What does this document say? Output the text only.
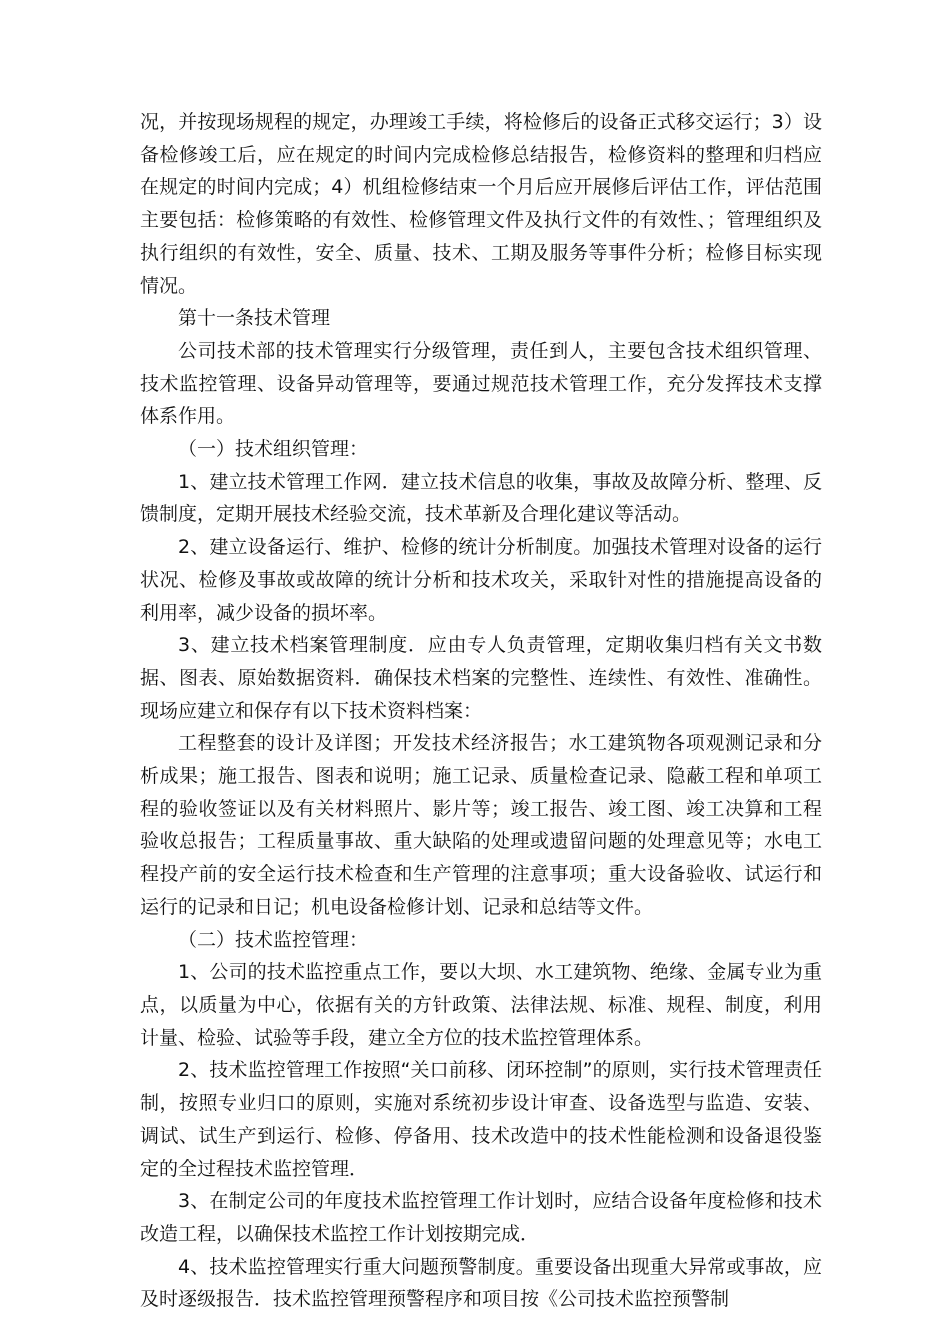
况，并按现场规程的规定，办理竣工手续，将检修后的设备正式移交运行；3）设备检修竣工后，应在规定的时间内完成检修总结报告，检修资料的整理和归档应在规定的时间内完成；4）机组检修结束一个月后应开展修后评估工作，评估范围主要包括：检修策略的有效性、检修管理文件及执行文件的有效性、；管理组织及执行组织的有效性，安全、质量、技术、工期及服务等事件分析；检修目标实现情况。

第十一条技术管理

公司技术部的技术管理实行分级管理，责任到人，主要包含技术组织管理、技术监控管理、设备异动管理等，要通过规范技术管理工作，充分发挥技术支撑体系作用。

（一）技术组织管理：

1、建立技术管理工作网．建立技术信息的收集，事故及故障分析、整理、反馈制度，定期开展技术经验交流，技术革新及合理化建议等活动。

2、建立设备运行、维护、检修的统计分析制度。加强技术管理对设备的运行状况、检修及事故或故障的统计分析和技术攻关，采取针对性的措施提高设备的利用率，减少设备的损坏率。

3、建立技术档案管理制度．应由专人负责管理，定期收集归档有关文书数据、图表、原始数据资料．确保技术档案的完整性、连续性、有效性、准确性。现场应建立和保存有以下技术资料档案：

工程整套的设计及详图；开发技术经济报告；水工建筑物各项观测记录和分析成果；施工报告、图表和说明；施工记录、质量检查记录、隐蔽工程和单项工程的验收签证以及有关材料照片、影片等；竣工报告、竣工图、竣工决算和工程验收总报告；工程质量事故、重大缺陷的处理或遗留问题的处理意见等；水电工程投产前的安全运行技术检查和生产管理的注意事项；重大设备验收、试运行和运行的记录和日记；机电设备检修计划、记录和总结等文件。

（二）技术监控管理：

1、公司的技术监控重点工作，要以大坝、水工建筑物、绝缘、金属专业为重点，以质量为中心，依据有关的方针政策、法律法规、标准、规程、制度，利用计量、检验、试验等手段，建立全方位的技术监控管理体系。

2、技术监控管理工作按照“关口前移、闭环控制”的原则，实行技术管理责任制，按照专业归口的原则，实施对系统初步设计审查、设备选型与监造、安装、调试、试生产到运行、检修、停备用、技术改造中的技术性能检测和设备退役鉴定的全过程技术监控管理．

3、在制定公司的年度技术监控管理工作计划时，应结合设备年度检修和技术改造工程，以确保技术监控工作计划按期完成．

4、技术监控管理实行重大问题预警制度。重要设备出现重大异常或事故，应及时逐级报告．技术监控管理预警程序和项目按《公司技术监控预警制
